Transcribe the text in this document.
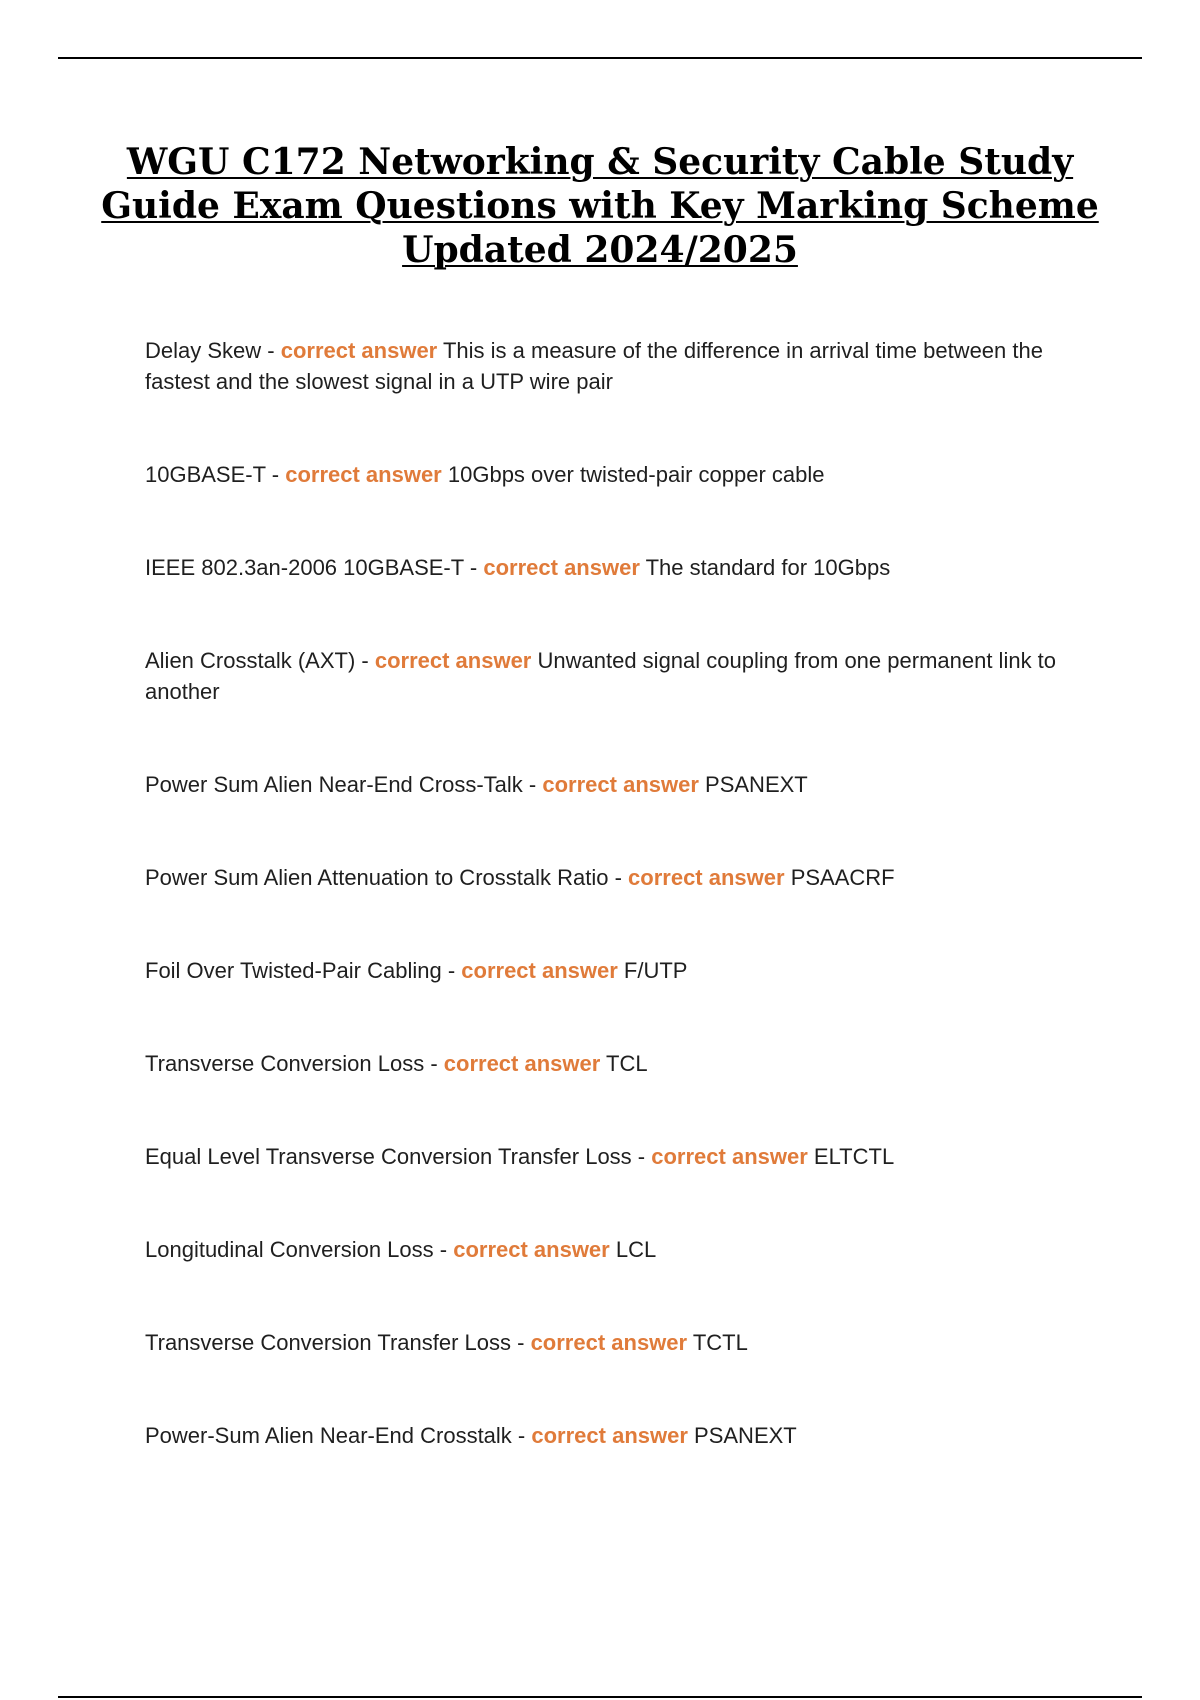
WGU C172 Networking & Security Cable Study Guide Exam Questions with Key Marking Scheme Updated 2024/2025
Delay Skew - correct answer This is a measure of the difference in arrival time between the fastest and the slowest signal in a UTP wire pair
10GBASE-T - correct answer 10Gbps over twisted-pair copper cable
IEEE 802.3an-2006 10GBASE-T - correct answer The standard for 10Gbps
Alien Crosstalk (AXT) - correct answer Unwanted signal coupling from one permanent link to another
Power Sum Alien Near-End Cross-Talk - correct answer PSANEXT
Power Sum Alien Attenuation to Crosstalk Ratio - correct answer PSAACRF
Foil Over Twisted-Pair Cabling - correct answer F/UTP
Transverse Conversion Loss - correct answer TCL
Equal Level Transverse Conversion Transfer Loss - correct answer ELTCTL
Longitudinal Conversion Loss - correct answer LCL
Transverse Conversion Transfer Loss - correct answer TCTL
Power-Sum Alien Near-End Crosstalk - correct answer PSANEXT
